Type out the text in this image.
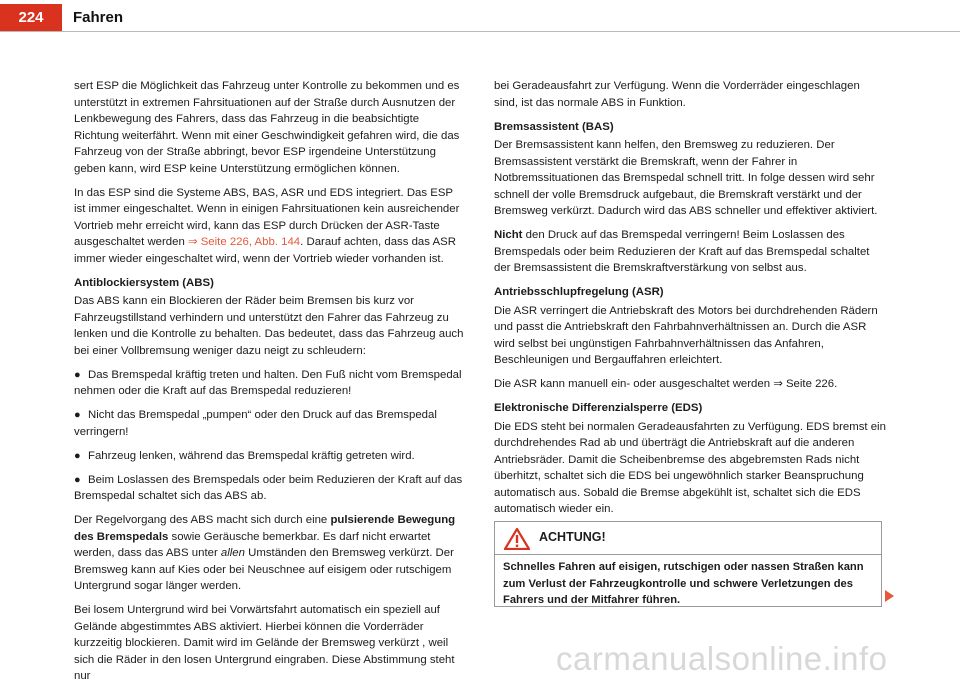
224	Fahren

sert ESP die Möglichkeit das Fahrzeug unter Kontrolle zu bekommen und es unterstützt in extremen Fahrsituationen auf der Straße durch Ausnutzen der Lenkbewegung des Fahrers, dass das Fahrzeug in die beabsichtigte Richtung weiterfährt. Wenn mit einer Geschwindigkeit gefahren wird, die das Fahrzeug von der Straße abbringt, bevor ESP irgendeine Unterstützung geben kann, wird ESP keine Unterstützung ermöglichen können.

In das ESP sind die Systeme ABS, BAS, ASR und EDS integriert. Das ESP ist immer eingeschaltet. Wenn in einigen Fahrsituationen kein ausreichender Vortrieb mehr erreicht wird, kann das ESP durch Drücken der ASR-Taste ausgeschaltet werden ⇒ Seite 226, Abb. 144. Darauf achten, dass das ASR immer wieder eingeschaltet wird, wenn der Vortrieb wieder vorhanden ist.

Antiblockiersystem (ABS)

Das ABS kann ein Blockieren der Räder beim Bremsen bis kurz vor Fahrzeugstillstand verhindern und unterstützt den Fahrer das Fahrzeug zu lenken und die Kontrolle zu behalten. Das bedeutet, dass das Fahrzeug auch bei einer Vollbremsung weniger dazu neigt zu schleudern:

● Das Bremspedal kräftig treten und halten. Den Fuß nicht vom Bremspedal nehmen oder die Kraft auf das Bremspedal reduzieren!

● Nicht das Bremspedal „pumpen“ oder den Druck auf das Bremspedal verringern!

● Fahrzeug lenken, während das Bremspedal kräftig getreten wird.

● Beim Loslassen des Bremspedals oder beim Reduzieren der Kraft auf das Bremspedal schaltet sich das ABS ab.

Der Regelvorgang des ABS macht sich durch eine pulsierende Bewegung des Bremspedals sowie Geräusche bemerkbar. Es darf nicht erwartet werden, dass das ABS unter allen Umständen den Bremsweg verkürzt. Der Bremsweg kann auf Kies oder bei Neuschnee auf eisigem oder rutschigem Untergrund sogar länger werden.

Bei losem Untergrund wird bei Vorwärtsfahrt automatisch ein speziell auf Gelände abgestimmtes ABS aktiviert. Hierbei können die Vorderräder kurzzeitig blockieren. Damit wird im Gelände der Bremsweg verkürzt , weil sich die Räder in den losen Untergrund eingraben. Diese Abstimmung steht nur

bei Geradeausfahrt zur Verfügung. Wenn die Vorderräder eingeschlagen sind, ist das normale ABS in Funktion.

Bremsassistent (BAS)

Der Bremsassistent kann helfen, den Bremsweg zu reduzieren. Der Bremsassistent verstärkt die Bremskraft, wenn der Fahrer in Notbremssituationen das Bremspedal schnell tritt. In folge dessen wird sehr schnell der volle Bremsdruck aufgebaut, die Bremskraft verstärkt und der Bremsweg verkürzt. Dadurch wird das ABS schneller und effektiver aktiviert.

Nicht den Druck auf das Bremspedal verringern! Beim Loslassen des Bremspedals oder beim Reduzieren der Kraft auf das Bremspedal schaltet der Bremsassistent die Bremskraftverstärkung von selbst aus.

Antriebsschlupfregelung (ASR)

Die ASR verringert die Antriebskraft des Motors bei durchdrehenden Rädern und passt die Antriebskraft den Fahrbahnverhältnissen an. Durch die ASR wird selbst bei ungünstigen Fahrbahnverhältnissen das Anfahren, Beschleunigen und Bergauffahren erleichtert.

Die ASR kann manuell ein- oder ausgeschaltet werden ⇒ Seite 226.

Elektronische Differenzialsperre (EDS)

Die EDS steht bei normalen Geradeausfahrten zu Verfügung. EDS bremst ein durchdrehendes Rad ab und überträgt die Antriebskraft auf die anderen Antriebsräder. Damit die Scheibenbremse des abgebremsten Rads nicht überhitzt, schaltet sich die EDS bei ungewöhnlich starker Beanspruchung automatisch aus. Sobald die Bremse abgekühlt ist, schaltet sich die EDS automatisch wieder ein.

ACHTUNG!
Schnelles Fahren auf eisigen, rutschigen oder nassen Straßen kann zum Verlust der Fahrzeugkontrolle und schwere Verletzungen des Fahrers und der Mitfahrer führen.
carmanualsonline.info
